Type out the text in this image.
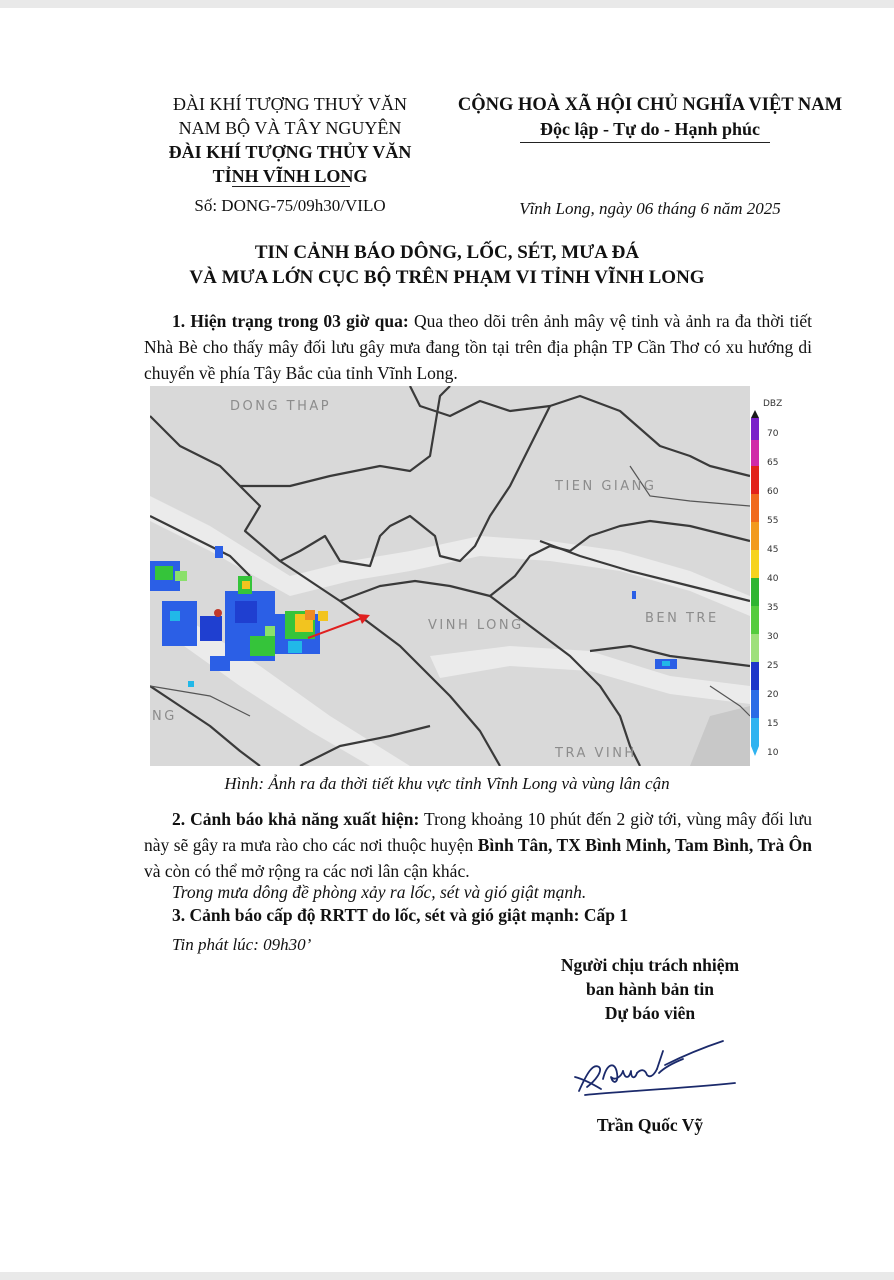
ĐÀI KHÍ TƯỢNG THUỶ VĂN
NAM BỘ VÀ TÂY NGUYÊN
ĐÀI KHÍ TƯỢNG THỦY VĂN
TỈNH VĨNH LONG
Số: DONG-75/09h30/VILO
CỘNG HOÀ XÃ HỘI CHỦ NGHĨA VIỆT NAM
Độc lập - Tự do - Hạnh phúc
Vĩnh Long, ngày 06 tháng 6 năm 2025
TIN CẢNH BÁO DÔNG, LỐC, SÉT, MƯA ĐÁ
VÀ MƯA LỚN CỤC BỘ TRÊN PHẠM VI TỈNH VĨNH LONG
1. Hiện trạng trong 03 giờ qua: Qua theo dõi trên ảnh mây vệ tinh và ảnh ra đa thời tiết Nhà Bè cho thấy mây đối lưu gây mưa đang tồn tại trên địa phận TP Cần Thơ có xu hướng di chuyển về phía Tây Bắc của tỉnh Vĩnh Long.
DONG THAP
TIEN GIANG
VINH LONG	BEN TRE
TRA VINH
NG
DBZ
70
65
60
55
45
40
35
30
25
20
15
10
Hình: Ảnh ra đa thời tiết khu vực tỉnh Vĩnh Long và vùng lân cận
2. Cảnh báo khả năng xuất hiện: Trong khoảng 10 phút đến 2 giờ tới, vùng mây đối lưu này sẽ gây ra mưa rào cho các nơi thuộc huyện Bình Tân, TX Bình Minh, Tam Bình, Trà Ôn và còn có thể mở rộng ra các nơi lân cận khác.
Trong mưa dông đề phòng xảy ra lốc, sét và gió giật mạnh.
3. Cảnh báo cấp độ RRTT do lốc, sét và gió giật mạnh: Cấp 1
Tin phát lúc: 09h30’
Người chịu trách nhiệm
ban hành bản tin
Dự báo viên
Trần Quốc Vỹ
